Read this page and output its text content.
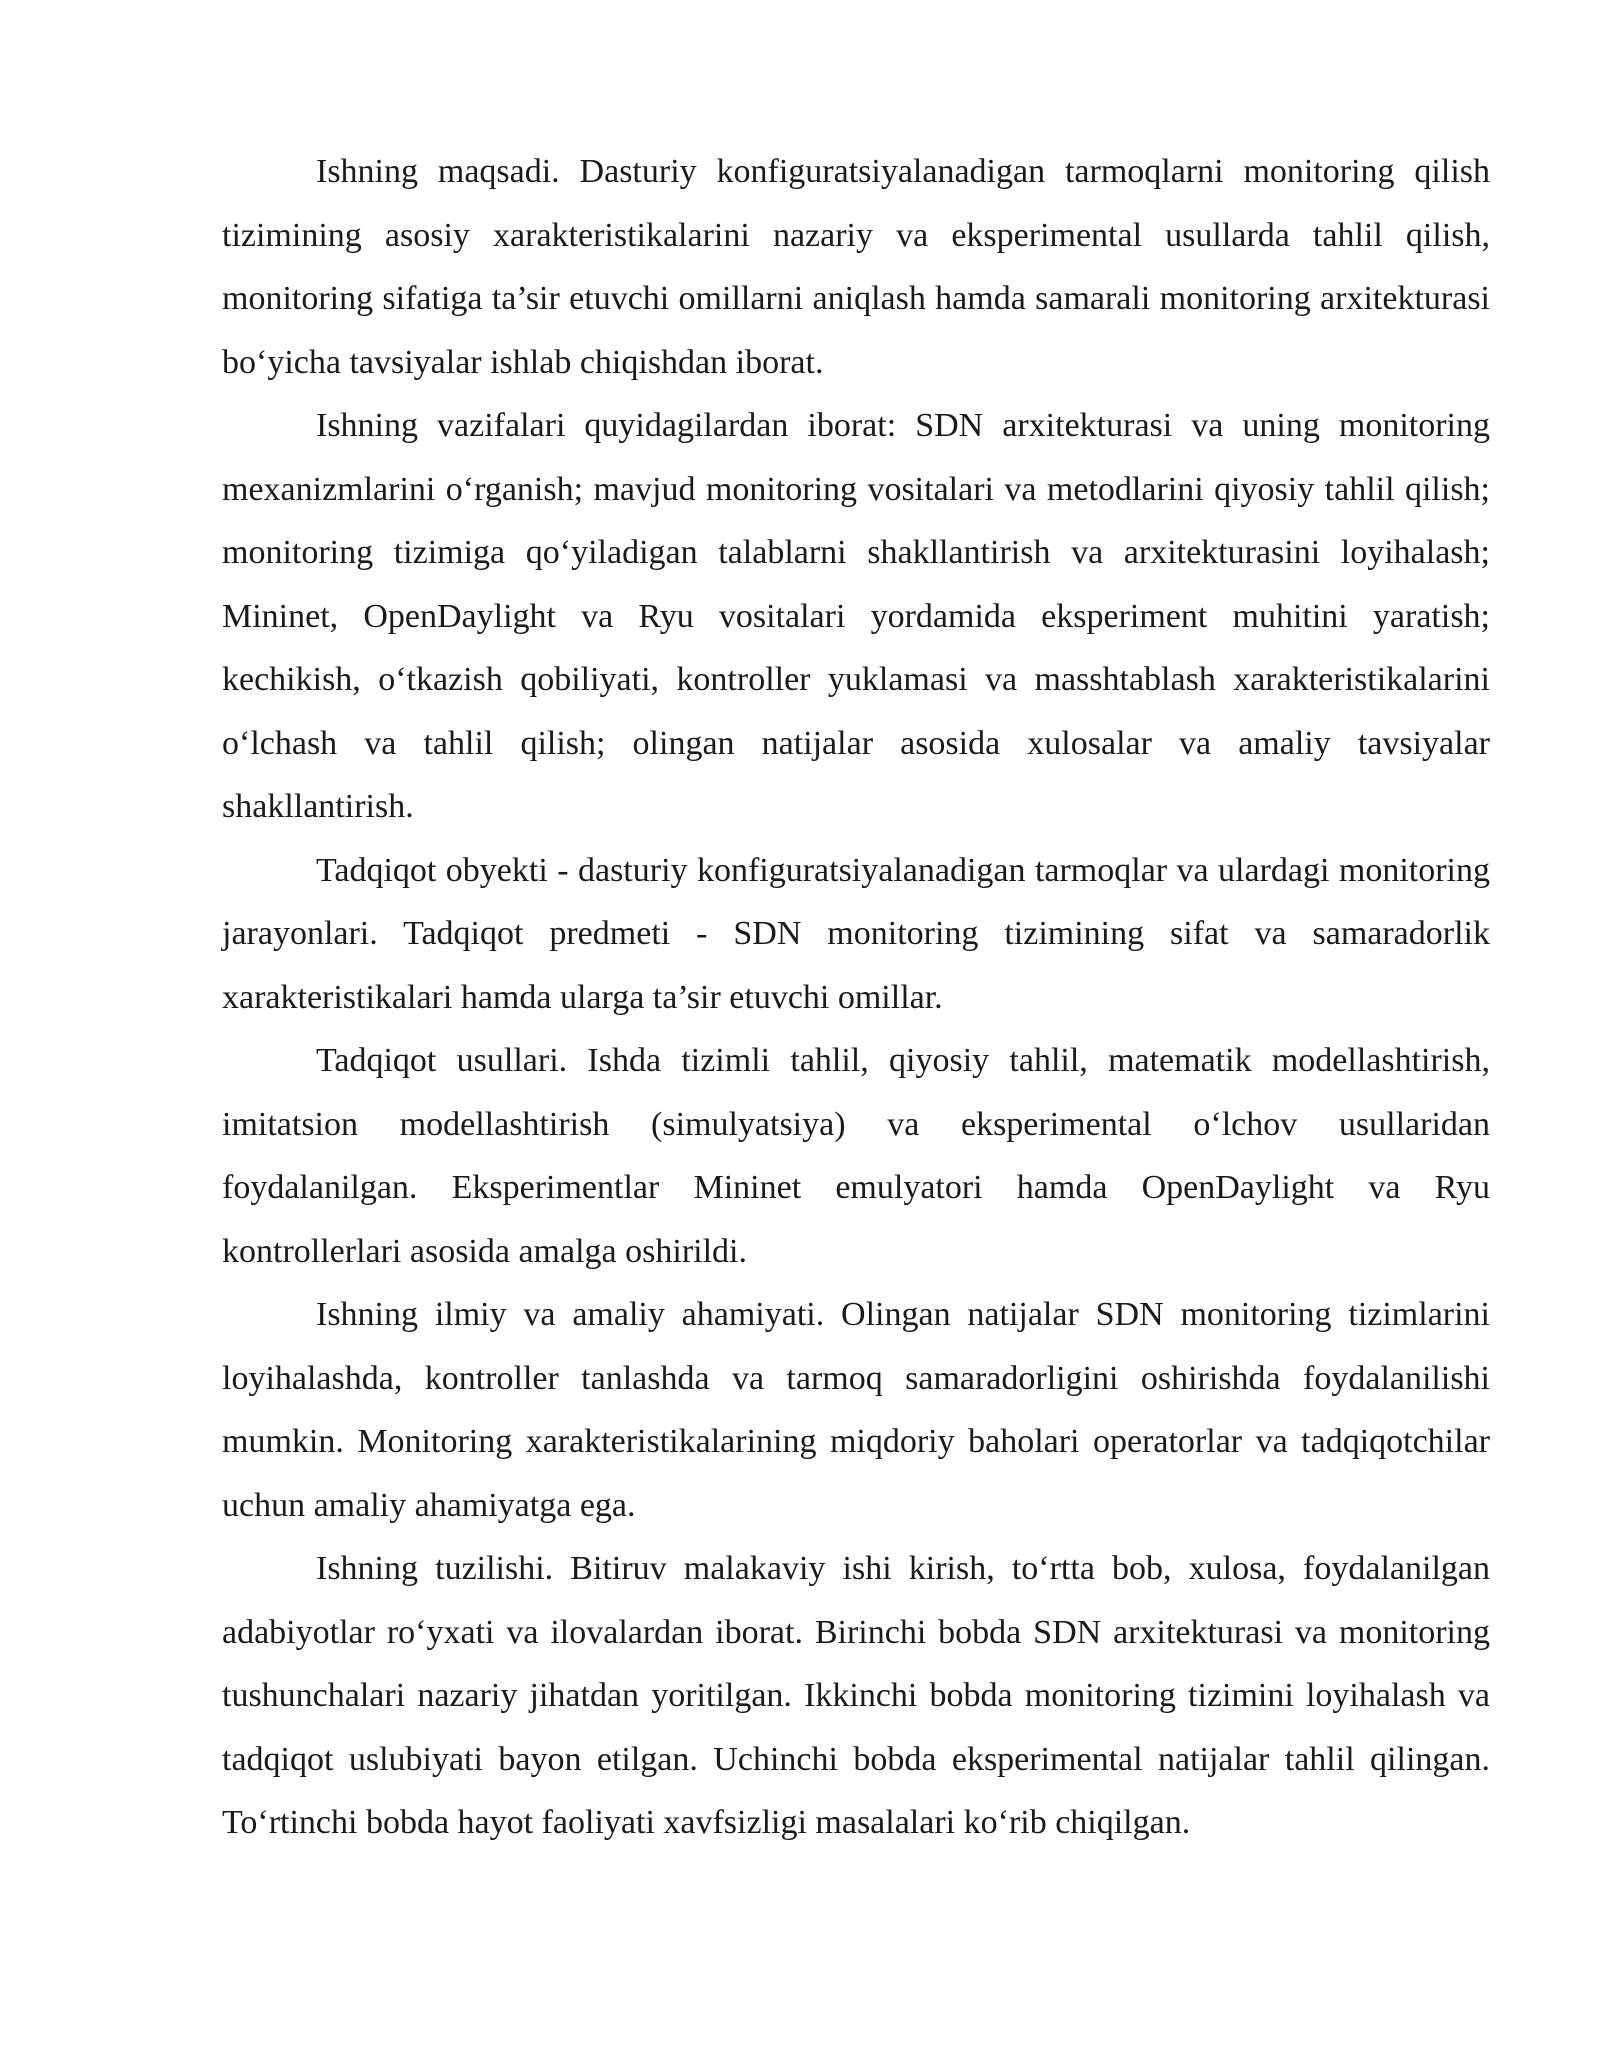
Ishning maqsadi. Dasturiy konfiguratsiyalanadigan tarmoqlarni monitoring qilish tizimining asosiy xarakteristikalarini nazariy va eksperimental usullarda tahlil qilish, monitoring sifatiga ta’sir etuvchi omillarni aniqlash hamda samarali monitoring arxitekturasi bo‘yicha tavsiyalar ishlab chiqishdan iborat.

Ishning vazifalari quyidagilardan iborat: SDN arxitekturasi va uning monitoring mexanizmlarini o‘rganish; mavjud monitoring vositalari va metodlarini qiyosiy tahlil qilish; monitoring tizimiga qo‘yiladigan talablarni shakllantirish va arxitekturasini loyihalash; Mininet, OpenDaylight va Ryu vositalari yordamida eksperiment muhitini yaratish; kechikish, o‘tkazish qobiliyati, kontroller yuklamasi va masshtablash xarakteristikalarini o‘lchash va tahlil qilish; olingan natijalar asosida xulosalar va amaliy tavsiyalar shakllantirish.

Tadqiqot obyekti - dasturiy konfiguratsiyalanadigan tarmoqlar va ulardagi monitoring jarayonlari. Tadqiqot predmeti - SDN monitoring tizimining sifat va samaradorlik xarakteristikalari hamda ularga ta’sir etuvchi omillar.

Tadqiqot usullari. Ishda tizimli tahlil, qiyosiy tahlil, matematik modellashtirish, imitatsion modellashtirish (simulyatsiya) va eksperimental o‘lchov usullaridan foydalanilgan. Eksperimentlar Mininet emulyatori hamda OpenDaylight va Ryu kontrollerlari asosida amalga oshirildi.

Ishning ilmiy va amaliy ahamiyati. Olingan natijalar SDN monitoring tizimlarini loyihalashda, kontroller tanlashda va tarmoq samaradorligini oshirishda foydalanilishi mumkin. Monitoring xarakteristikalarining miqdoriy baholari operatorlar va tadqiqotchilar uchun amaliy ahamiyatga ega.

Ishning tuzilishi. Bitiruv malakaviy ishi kirish, to‘rtta bob, xulosa, foydalanilgan adabiyotlar ro‘yxati va ilovalardan iborat. Birinchi bobda SDN arxitekturasi va monitoring tushunchalari nazariy jihatdan yoritilgan. Ikkinchi bobda monitoring tizimini loyihalash va tadqiqot uslubiyati bayon etilgan. Uchinchi bobda eksperimental natijalar tahlil qilingan. To‘rtinchi bobda hayot faoliyati xavfsizligi masalalari ko‘rib chiqilgan.
